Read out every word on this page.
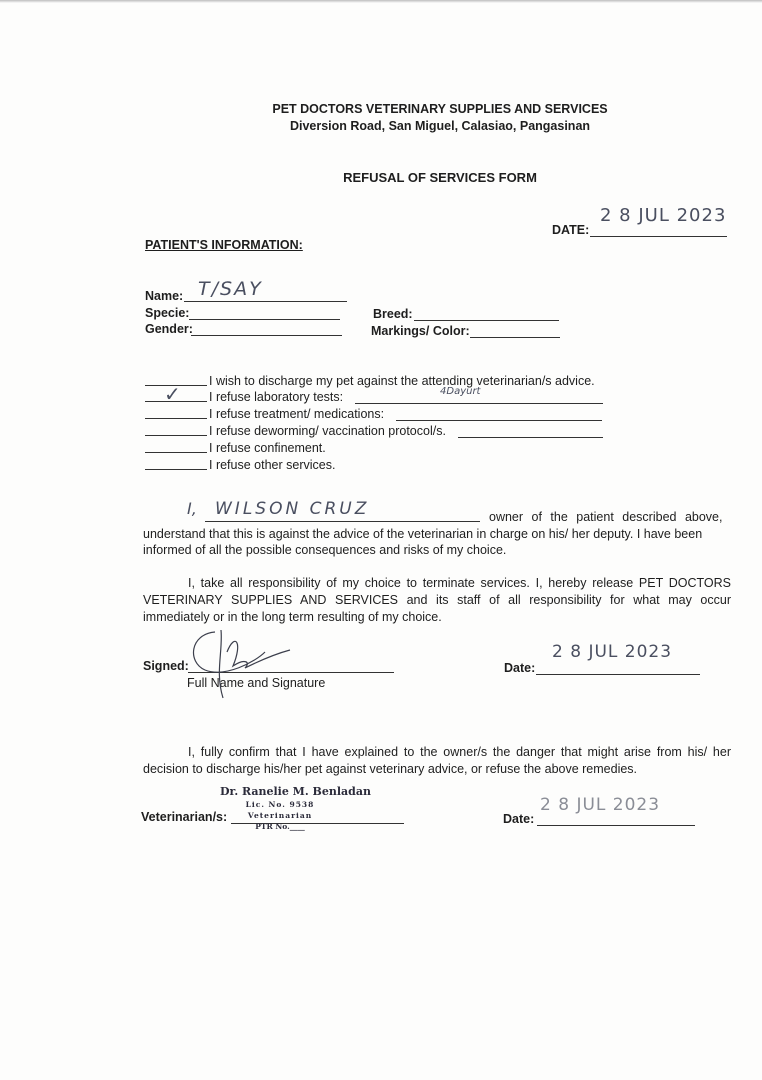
PET DOCTORS VETERINARY SUPPLIES AND SERVICES
Diversion Road, San Miguel, Calasiao, Pangasinan
REFUSAL OF SERVICES FORM
DATE:
2 8 JUL 2023
PATIENT'S INFORMATION:
Name: T/SAY
Specie:	Breed:
Gender:	Markings/ Color:
I wish to discharge my pet against the attending veterinarian/s advice.
✓ I refuse laboratory tests:	4Dayurt
I refuse treatment/ medications:
I refuse deworming/ vaccination protocol/s.
I refuse confinement.
I refuse other services.
I, WILSON CRUZ	owner of the patient described above,
understand that this is against the advice of the veterinarian in charge on his/ her deputy. I have been
informed of all the possible consequences and risks of my choice.
I, take all responsibility of my choice to terminate services. I, hereby release PET DOCTORS VETERINARY SUPPLIES AND SERVICES and its staff of all responsibility for what may occur immediately or in the long term resulting of my choice.
Signed:
Full Name and Signature
Date:
2 8 JUL 2023
I, fully confirm that I have explained to the owner/s the danger that might arise from his/ her decision to discharge his/her pet against veterinary advice, or refuse the above remedies.
Veterinarian/s:
Dr. Ranelie M. Benladan
Lic. No. 9538
Veterinarian
PTR No.____
Date:
2 8 JUL 2023
